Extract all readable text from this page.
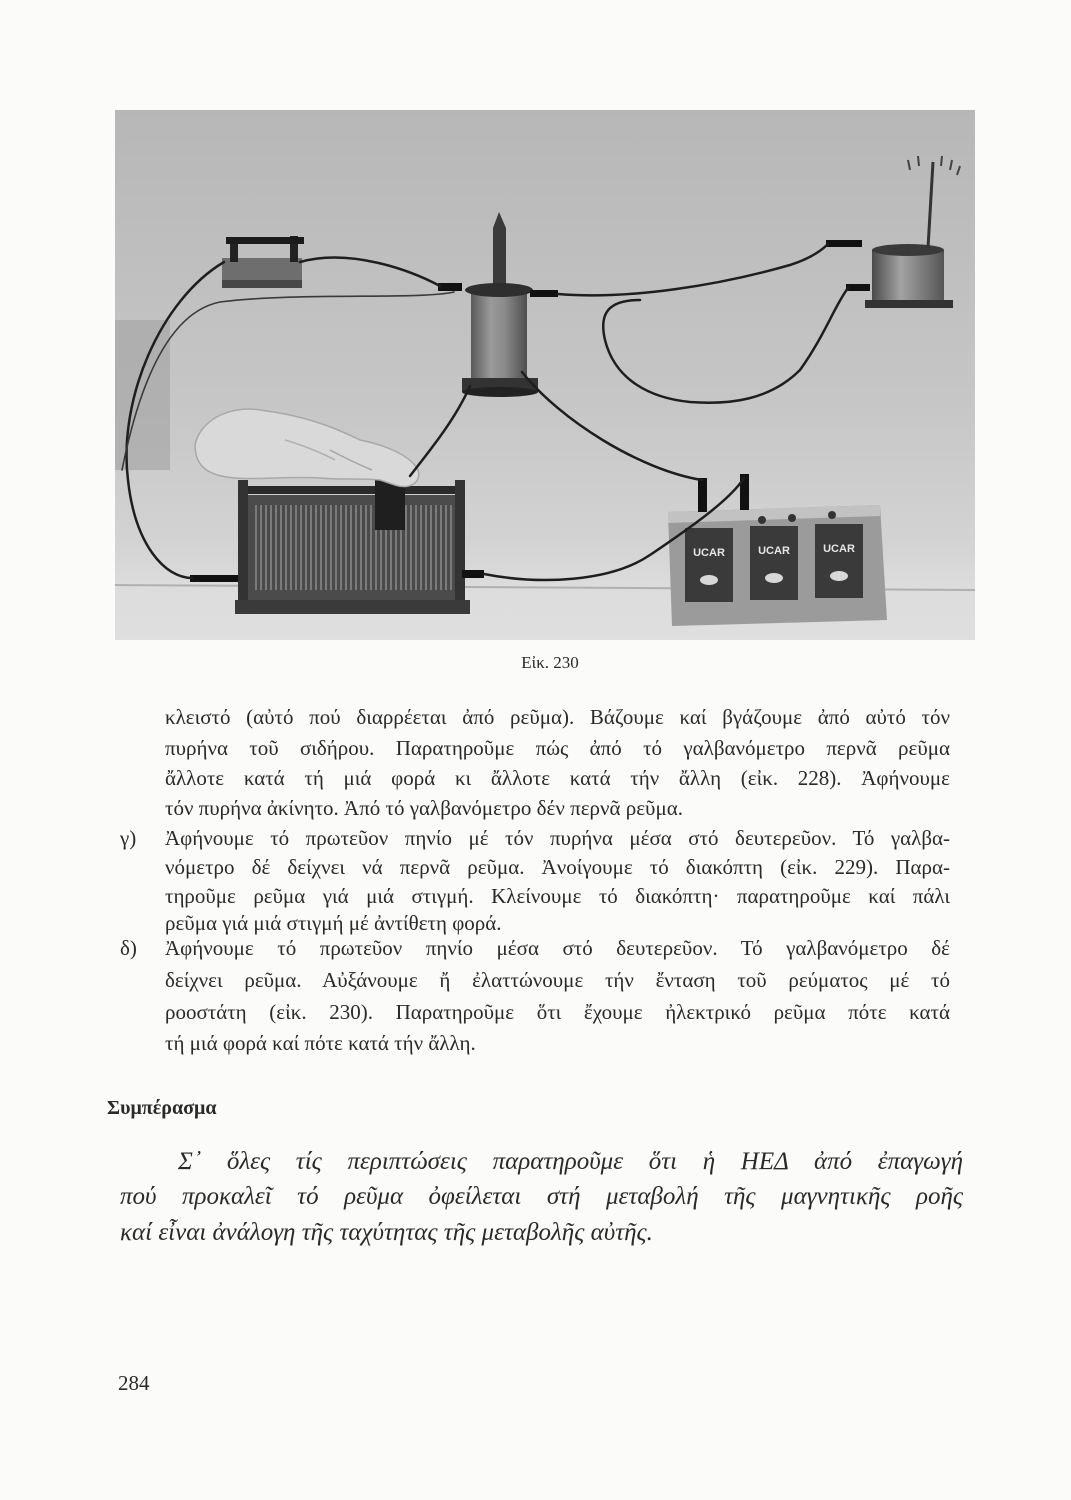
UCAR	UCAR	UCAR
Εἰκ. 230
κλειστό (αὐτό πού διαρρέεται ἀπό ρεῦμα). Βάζουμε καί βγάζουμε ἀπό αὐτό τόν
πυρήνα τοῦ σιδήρου. Παρατηροῦμε πώς ἀπό τό γαλβανόμετρο περνᾶ ρεῦμα
ἄλλοτε κατά τή μιά φορά κι ἄλλοτε κατά τήν ἄλλη (εἰκ. 228). Ἀφήνουμε
τόν πυρήνα ἀκίνητο. Ἀπό τό γαλβανόμετρο δέν περνᾶ ρεῦμα.
γ) Ἀφήνουμε τό πρωτεῦον πηνίο μέ τόν πυρήνα μέσα στό δευτερεῦον. Τό γαλβα-
νόμετρο δέ δείχνει νά περνᾶ ρεῦμα. Ἀνοίγουμε τό διακόπτη (εἰκ. 229). Παρα-
τηροῦμε ρεῦμα γιά μιά στιγμή. Κλείνουμε τό διακόπτη· παρατηροῦμε καί πάλι
ρεῦμα γιά μιά στιγμή μέ ἀντίθετη φορά.
δ) Ἀφήνουμε τό πρωτεῦον πηνίο μέσα στό δευτερεῦον. Τό γαλβανόμετρο δέ
δείχνει ρεῦμα. Αὐξάνουμε ἤ ἐλαττώνουμε τήν ἔνταση τοῦ ρεύματος μέ τό
ροοστάτη (εἰκ. 230). Παρατηροῦμε ὅτι ἔχουμε ἠλεκτρικό ρεῦμα πότε κατά
τή μιά φορά καί πότε κατά τήν ἄλλη.
Συμπέρασμα
Σ᾽ ὅλες τίς περιπτώσεις παρατηροῦμε ὅτι ἡ ΗΕΔ ἀπό ἐπαγωγή
πού προκαλεῖ τό ρεῦμα ὀφείλεται στή μεταβολή τῆς μαγνητικῆς ροῆς
καί εἶναι ἀνάλογη τῆς ταχύτητας τῆς μεταβολῆς αὐτῆς.
284
